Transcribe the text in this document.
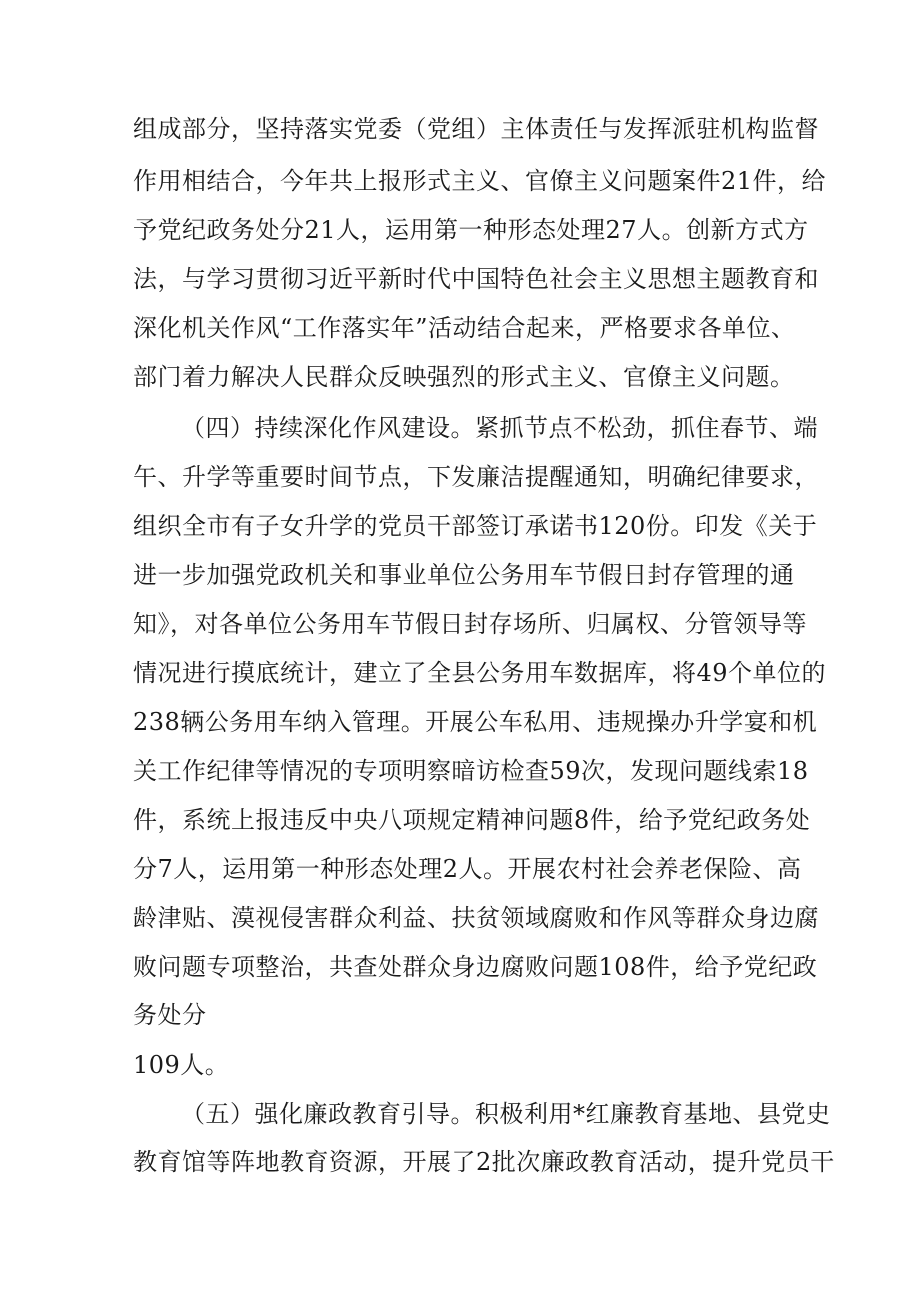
组成部分，坚持落实党委（党组）主体责任与发挥派驻机构监督

作用相结合，今年共上报形式主义、官僚主义问题案件21件，给

予党纪政务处分21人，运用第一种形态处理27人。创新方式方

法，与学习贯彻习近平新时代中国特色社会主义思想主题教育和

深化机关作风“工作落实年”活动结合起来，严格要求各单位、

部门着力解决人民群众反映强烈的形式主义、官僚主义问题。

（四）持续深化作风建设。紧抓节点不松劲，抓住春节、端

午、升学等重要时间节点，下发廉洁提醒通知，明确纪律要求，

组织全市有子女升学的党员干部签订承诺书120份。印发《关于

进一步加强党政机关和事业单位公务用车节假日封存管理的通

知》，对各单位公务用车节假日封存场所、归属权、分管领导等

情况进行摸底统计，建立了全县公务用车数据库，将49个单位的

238辆公务用车纳入管理。开展公车私用、违规操办升学宴和机

关工作纪律等情况的专项明察暗访检查59次，发现问题线索18

件，系统上报违反中央八项规定精神问题8件，给予党纪政务处

分7人，运用第一种形态处理2人。开展农村社会养老保险、高

龄津贴、漠视侵害群众利益、扶贫领域腐败和作风等群众身边腐

败问题专项整治，共查处群众身边腐败问题108件，给予党纪政

务处分

109人。

（五）强化廉政教育引导。积极利用*红廉教育基地、县党史

教育馆等阵地教育资源，开展了2批次廉政教育活动，提升党员干
